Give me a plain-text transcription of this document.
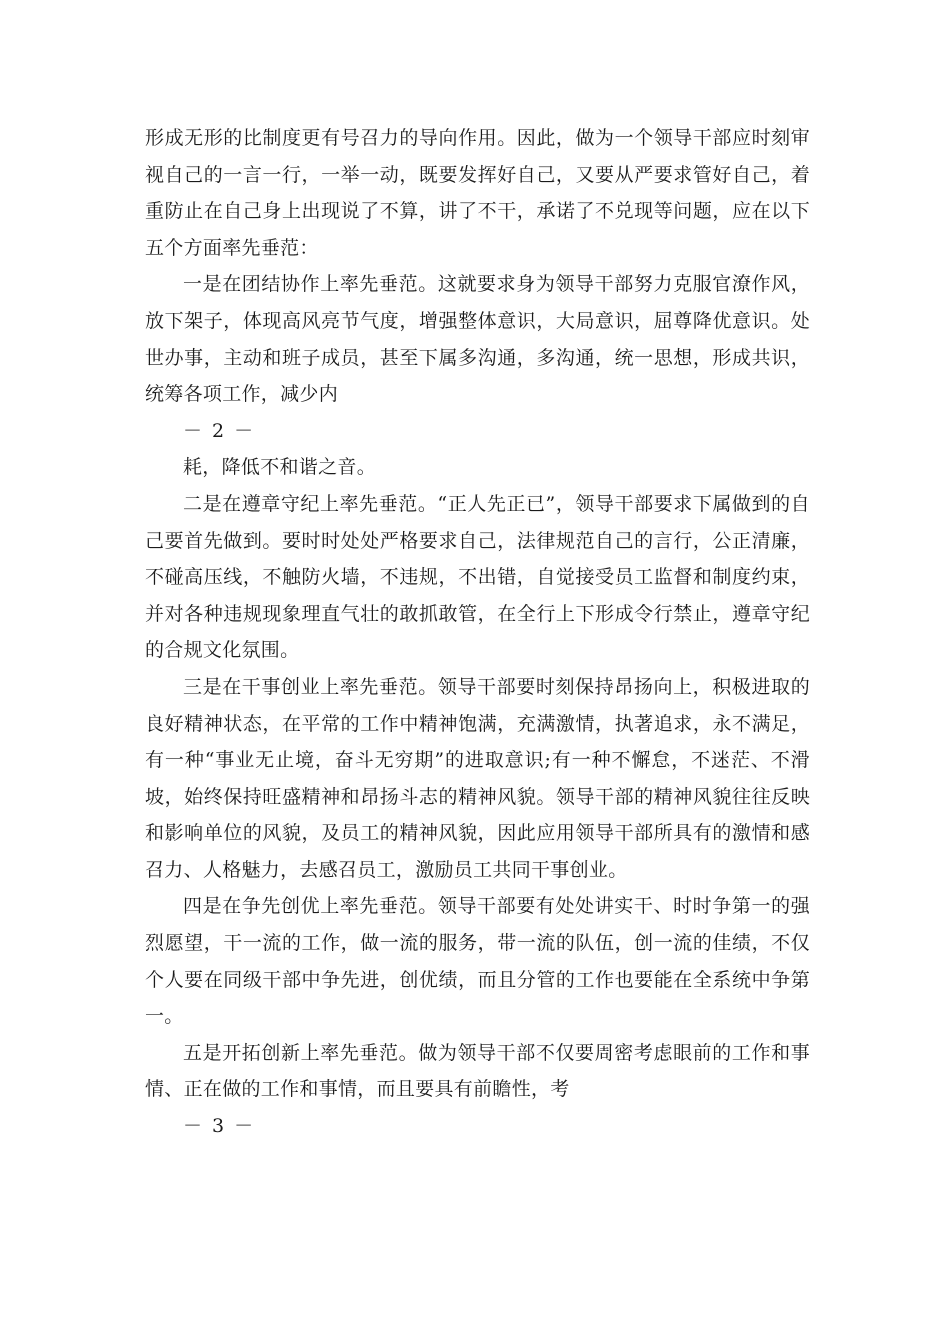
形成无形的比制度更有号召力的导向作用。因此，做为一个领导干部应时刻审视自己的一言一行，一举一动，既要发挥好自己，又要从严要求管好自己，着重防止在自己身上出现说了不算，讲了不干，承诺了不兑现等问题，应在以下五个方面率先垂范：

一是在团结协作上率先垂范。这就要求身为领导干部努力克服官潦作风，放下架子，体现高风亮节气度，增强整体意识，大局意识，屈尊降优意识。处世办事，主动和班子成员，甚至下属多沟通，多沟通，统一思想，形成共识，统筹各项工作，减少内

－ 2 －

耗，降低不和谐之音。

二是在遵章守纪上率先垂范。“正人先正已”，领导干部要求下属做到的自己要首先做到。要时时处处严格要求自己，法律规范自己的言行，公正清廉，不碰高压线，不触防火墙，不违规，不出错，自觉接受员工监督和制度约束，并对各种违规现象理直气壮的敢抓敢管，在全行上下形成令行禁止，遵章守纪的合规文化氛围。

三是在干事创业上率先垂范。领导干部要时刻保持昂扬向上，积极进取的良好精神状态，在平常的工作中精神饱满，充满激情，执著追求，永不满足，有一种“事业无止境，奋斗无穷期”的进取意识;有一种不懈怠，不迷茫、不滑坡，始终保持旺盛精神和昂扬斗志的精神风貌。领导干部的精神风貌往往反映和影响单位的风貌，及员工的精神风貌，因此应用领导干部所具有的激情和感召力、人格魅力，去感召员工，激励员工共同干事创业。

四是在争先创优上率先垂范。领导干部要有处处讲实干、时时争第一的强烈愿望，干一流的工作，做一流的服务，带一流的队伍，创一流的佳绩，不仅个人要在同级干部中争先进，创优绩，而且分管的工作也要能在全系统中争第一。

五是开拓创新上率先垂范。做为领导干部不仅要周密考虑眼前的工作和事情、正在做的工作和事情，而且要具有前瞻性，考

－ 3 －
